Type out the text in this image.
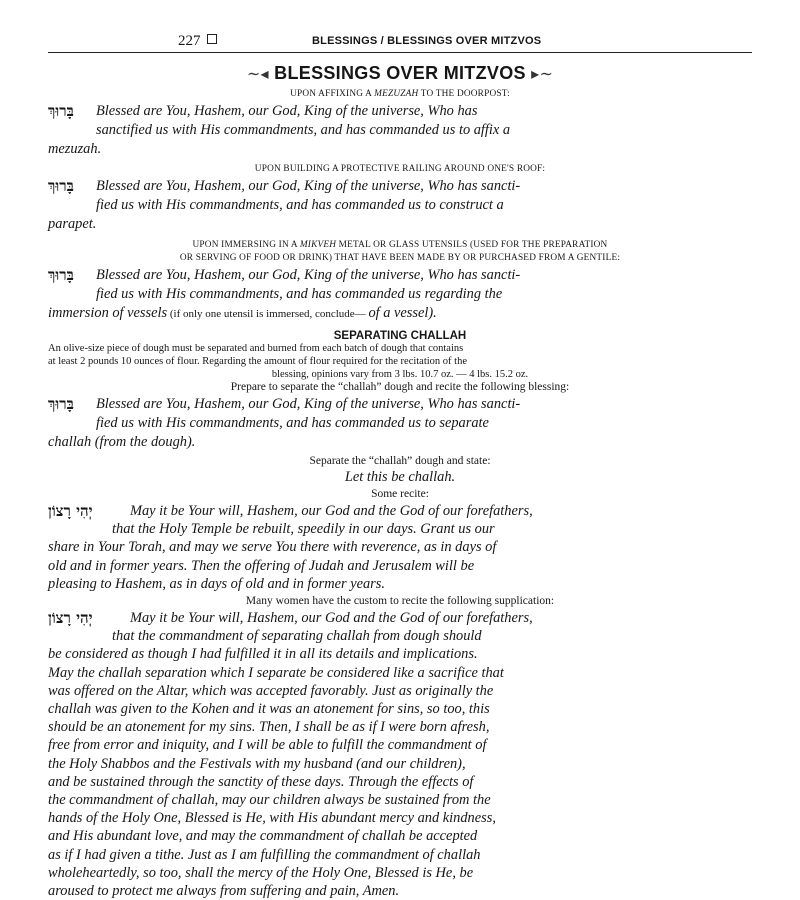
227	BLESSINGS / BLESSINGS OVER MITZVOS
∼◂ BLESSINGS OVER MITZVOS ▸∼
UPON AFFIXING A MEZUZAH TO THE DOORPOST:
בָּרוּךְ	Blessed are You, Hashem, our God, King of the universe, Who has
sanctified us with His commandments, and has commanded us to affix a
mezuzah.
UPON BUILDING A PROTECTIVE RAILING AROUND ONE'S ROOF:
בָּרוּךְ	Blessed are You, Hashem, our God, King of the universe, Who has sancti-
fied us with His commandments, and has commanded us to construct a
parapet.
UPON IMMERSING IN A MIKVEH METAL OR GLASS UTENSILS (USED FOR THE PREPARATION
OR SERVING OF FOOD OR DRINK) THAT HAVE BEEN MADE BY OR PURCHASED FROM A GENTILE:
בָּרוּךְ	Blessed are You, Hashem, our God, King of the universe, Who has sancti-
fied us with His commandments, and has commanded us regarding the
immersion of vessels (if only one utensil is immersed, conclude— of a vessel).
SEPARATING CHALLAH
An olive-size piece of dough must be separated and burned from each batch of dough that contains
at least 2 pounds 10 ounces of flour. Regarding the amount of flour required for the recitation of the
blessing, opinions vary from 3 lbs. 10.7 oz. — 4 lbs. 15.2 oz.
Prepare to separate the “challah” dough and recite the following blessing:
בָּרוּךְ	Blessed are You, Hashem, our God, King of the universe, Who has sancti-
fied us with His commandments, and has commanded us to separate
challah (from the dough).
Separate the “challah” dough and state:
Let this be challah.
Some recite:
יְהִי רָצוֹן	May it be Your will, Hashem, our God and the God of our forefathers,
that the Holy Temple be rebuilt, speedily in our days. Grant us our
share in Your Torah, and may we serve You there with reverence, as in days of
old and in former years. Then the offering of Judah and Jerusalem will be
pleasing to Hashem, as in days of old and in former years.
Many women have the custom to recite the following supplication:
יְהִי רָצוֹן	May it be Your will, Hashem, our God and the God of our forefathers,
that the commandment of separating challah from dough should
be considered as though I had fulfilled it in all its details and implications.
May the challah separation which I separate be considered like a sacrifice that
was offered on the Altar, which was accepted favorably. Just as originally the
challah was given to the Kohen and it was an atonement for sins, so too, this
should be an atonement for my sins. Then, I shall be as if I were born afresh,
free from error and iniquity, and I will be able to fulfill the commandment of
the Holy Shabbos and the Festivals with my husband (and our children),
and be sustained through the sanctity of these days. Through the effects of
the commandment of challah, may our children always be sustained from the
hands of the Holy One, Blessed is He, with His abundant mercy and kindness,
and His abundant love, and may the commandment of challah be accepted
as if I had given a tithe. Just as I am fulfilling the commandment of challah
wholeheartedly, so too, shall the mercy of the Holy One, Blessed is He, be
aroused to protect me always from suffering and pain, Amen.
